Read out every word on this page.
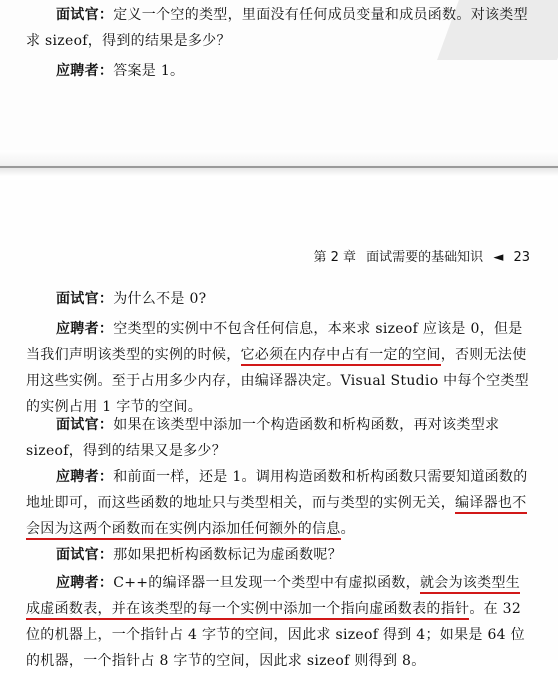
面试官：定义一个空的类型，里面没有任何成员变量和成员函数。对该类型求 sizeof，得到的结果是多少？

应聘者：答案是 1。

第 2 章 面试需要的基础知识 ◄ 23

面试官：为什么不是 0?

应聘者：空类型的实例中不包含任何信息，本来求 sizeof 应该是 0，但是当我们声明该类型的实例的时候，它必须在内存中占有一定的空间，否则无法使用这些实例。至于占用多少内存，由编译器决定。Visual Studio 中每个空类型的实例占用 1 字节的空间。

面试官：如果在该类型中添加一个构造函数和析构函数，再对该类型求 sizeof，得到的结果又是多少？

应聘者：和前面一样，还是 1。调用构造函数和析构函数只需要知道函数的地址即可，而这些函数的地址只与类型相关，而与类型的实例无关，编译器也不会因为这两个函数而在实例内添加任何额外的信息。

面试官：那如果把析构函数标记为虚函数呢？

应聘者：C++的编译器一旦发现一个类型中有虚拟函数，就会为该类型生成虚函数表，并在该类型的每一个实例中添加一个指向虚函数表的指针。在 32 位的机器上，一个指针占 4 字节的空间，因此求 sizeof 得到 4；如果是 64 位的机器，一个指针占 8 字节的空间，因此求 sizeof 则得到 8。
